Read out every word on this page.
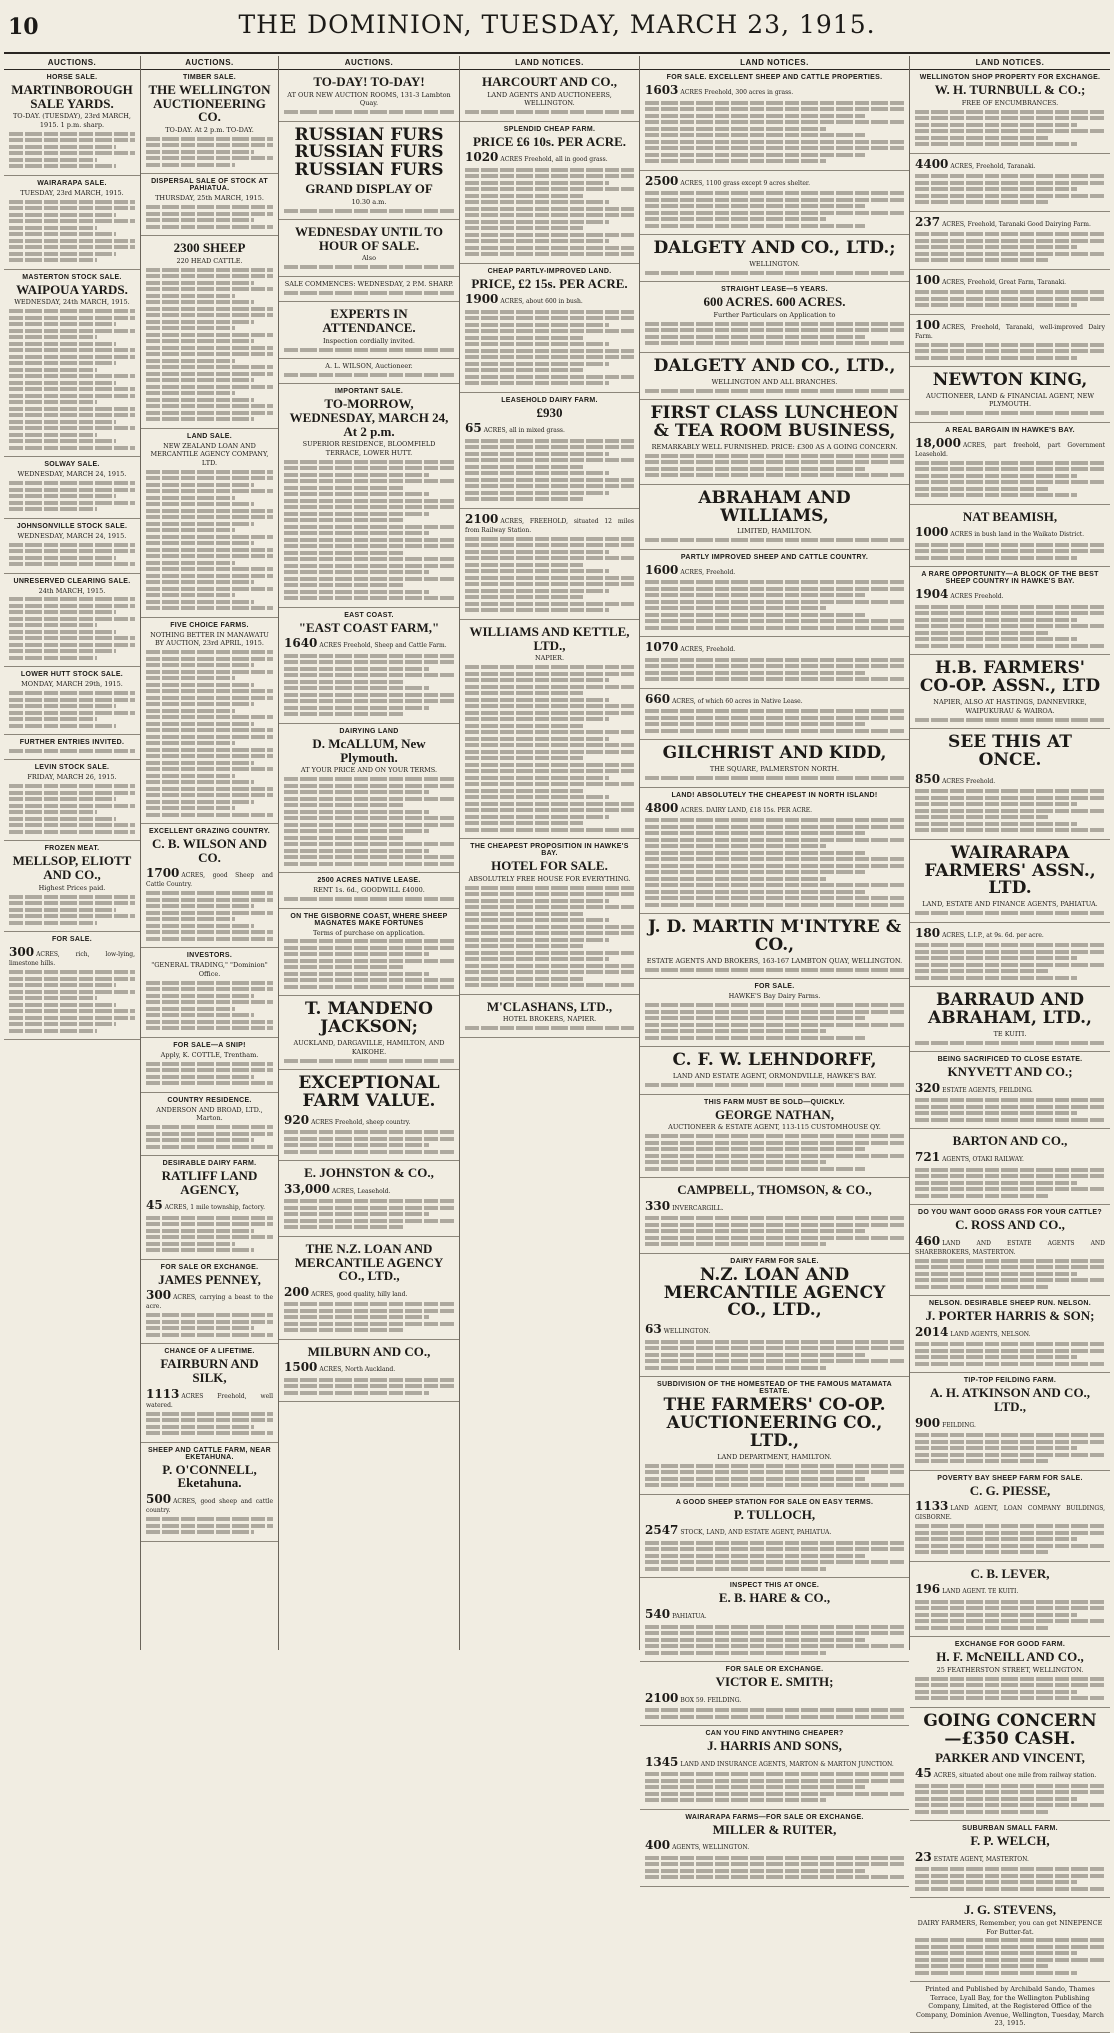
10	THE DOMINION, TUESDAY, MARCH 23, 1915.
AUCTIONS.
HORSE SALE.
MARTINBOROUGH SALE YARDS.
TO-DAY. (TUESDAY), 23rd MARCH, 1915. 1 p.m. sharp.
WAIRARAPA SALE.
TUESDAY, 23rd MARCH, 1915.
MASTERTON STOCK SALE.
WAIPOUA YARDS.
WEDNESDAY, 24th MARCH, 1915.
SOLWAY SALE.
WEDNESDAY, MARCH 24, 1915.
JOHNSONVILLE STOCK SALE.
WEDNESDAY, MARCH 24, 1915.
UNRESERVED CLEARING SALE.
24th MARCH, 1915.
LOWER HUTT STOCK SALE.
MONDAY, MARCH 29th, 1915.
FURTHER ENTRIES INVITED.
LEVIN STOCK SALE.
FRIDAY, MARCH 26, 1915.
FROZEN MEAT.
MELLSOP, ELIOTT AND CO.,
Highest Prices paid.
FOR SALE.
300 ACRES, rich, low-lying, limestone hills.
AUCTIONS.
TIMBER SALE.
THE WELLINGTON AUCTIONEERING CO.
TO-DAY. At 2 p.m. TO-DAY.
DISPERSAL SALE OF STOCK AT PAHIATUA.
THURSDAY, 25th MARCH, 1915.
2300 SHEEP
220 HEAD CATTLE.
LAND SALE.
NEW ZEALAND LOAN AND MERCANTILE AGENCY COMPANY, LTD.
FIVE CHOICE FARMS.
NOTHING BETTER IN MANAWATU BY AUCTION, 23rd APRIL, 1915.
EXCELLENT GRAZING COUNTRY.
C. B. WILSON AND CO.
1700 ACRES, good Sheep and Cattle Country.
INVESTORS.
"GENERAL TRADING," "Dominion" Office.
FOR SALE—A SNIP!
Apply, K. COTTLE, Trentham.
COUNTRY RESIDENCE.
ANDERSON AND BROAD, LTD., Marton.
DESIRABLE DAIRY FARM.
RATLIFF LAND AGENCY,
45 ACRES, 1 mile township, factory.
FOR SALE OR EXCHANGE.
JAMES PENNEY,
300 ACRES, carrying a beast to the acre.
CHANCE OF A LIFETIME.
FAIRBURN AND SILK,
1113 ACRES Freehold, well watered.
SHEEP AND CATTLE FARM, NEAR EKETAHUNA.
P. O'CONNELL, Eketahuna.
500 ACRES, good sheep and cattle country.
AUCTIONS.
TO-DAY! TO-DAY!
AT OUR NEW AUCTION ROOMS, 131-3 Lambton Quay.
RUSSIAN FURS RUSSIAN FURS RUSSIAN FURS
GRAND DISPLAY OF
10.30 a.m.
WEDNESDAY UNTIL TO HOUR OF SALE.
Also
SALE COMMENCES: WEDNESDAY, 2 P.M. SHARP.
EXPERTS IN ATTENDANCE.
Inspection cordially invited.
A. L. WILSON, Auctioneer.
IMPORTANT SALE.
TO-MORROW, WEDNESDAY, MARCH 24, At 2 p.m.
SUPERIOR RESIDENCE, BLOOMFIELD TERRACE, LOWER HUTT.
EAST COAST.
"EAST COAST FARM,"
1640 ACRES Freehold, Sheep and Cattle Farm.
DAIRYING LAND
D. McALLUM, New Plymouth.
AT YOUR PRICE AND ON YOUR TERMS.
2500 ACRES NATIVE LEASE.
RENT 1s. 6d., GOODWILL £4000.
ON THE GISBORNE COAST, WHERE SHEEP MAGNATES MAKE FORTUNES
Terms of purchase on application.
T. MANDENO JACKSON;
AUCKLAND, DARGAVILLE, HAMILTON, AND KAIKOHE.
EXCEPTIONAL FARM VALUE.
920 ACRES Freehold, sheep country.
E. JOHNSTON & CO.,
33,000 ACRES, Leasehold.
THE N.Z. LOAN AND MERCANTILE AGENCY CO., LTD.,
200 ACRES, good quality, hilly land.
MILBURN AND CO.,
1500 ACRES, North Auckland.
LAND NOTICES.
HARCOURT AND CO.,
LAND AGENTS AND AUCTIONEERS, WELLINGTON.
SPLENDID CHEAP FARM.
PRICE £6 10s. PER ACRE.
1020 ACRES Freehold, all in good grass.
CHEAP PARTLY-IMPROVED LAND.
PRICE, £2 15s. PER ACRE.
1900 ACRES, about 600 in bush.
LEASEHOLD DAIRY FARM.
£930
65 ACRES, all in mixed grass.
2100 ACRES, FREEHOLD, situated 12 miles from Railway Station.
WILLIAMS AND KETTLE, LTD.,
NAPIER.
THE CHEAPEST PROPOSITION IN HAWKE'S BAY.
HOTEL FOR SALE.
ABSOLUTELY FREE HOUSE FOR EVERYTHING.
M'CLASHANS, LTD.,
HOTEL BROKERS, NAPIER.
LAND NOTICES.
FOR SALE. EXCELLENT SHEEP AND CATTLE PROPERTIES.
1603 ACRES Freehold, 300 acres in grass.
2500 ACRES, 1100 grass except 9 acres shelter.
DALGETY AND CO., LTD.;
WELLINGTON.
STRAIGHT LEASE—5 YEARS.
600 ACRES. 600 ACRES.
Further Particulars on Application to
DALGETY AND CO., LTD.,
WELLINGTON AND ALL BRANCHES.
FIRST CLASS LUNCHEON & TEA ROOM BUSINESS,
REMARKABLY WELL FURNISHED. PRICE: £300 AS A GOING CONCERN.
ABRAHAM AND WILLIAMS,
LIMITED, HAMILTON.
PARTLY IMPROVED SHEEP AND CATTLE COUNTRY.
1600 ACRES, Freehold.
1070 ACRES, Freehold.
660 ACRES, of which 60 acres in Native Lease.
GILCHRIST AND KIDD,
THE SQUARE, PALMERSTON NORTH.
LAND! ABSOLUTELY THE CHEAPEST IN NORTH ISLAND!
4800 ACRES. DAIRY LAND, £18 15s. PER ACRE.
J. D. MARTIN M'INTYRE & CO.,
ESTATE AGENTS AND BROKERS, 163-167 LAMBTON QUAY, WELLINGTON.
FOR SALE.
HAWKE'S Bay Dairy Farms.
C. F. W. LEHNDORFF,
LAND AND ESTATE AGENT, ORMONDVILLE, HAWKE'S BAY.
THIS FARM MUST BE SOLD—QUICKLY.
GEORGE NATHAN,
AUCTIONEER & ESTATE AGENT, 113-115 CUSTOMHOUSE QY.
CAMPBELL, THOMSON, & CO.,
330 INVERCARGILL.
DAIRY FARM FOR SALE.
N.Z. LOAN AND MERCANTILE AGENCY CO., LTD.,
63 WELLINGTON.
SUBDIVISION OF THE HOMESTEAD OF THE FAMOUS MATAMATA ESTATE.
THE FARMERS' CO-OP. AUCTIONEERING CO., LTD.,
LAND DEPARTMENT, HAMILTON.
A GOOD SHEEP STATION FOR SALE ON EASY TERMS.
P. TULLOCH,
2547 STOCK, LAND, AND ESTATE AGENT, PAHIATUA.
INSPECT THIS AT ONCE.
E. B. HARE & CO.,
540 PAHIATUA.
FOR SALE OR EXCHANGE.
VICTOR E. SMITH;
2100 BOX 59. FEILDING.
CAN YOU FIND ANYTHING CHEAPER?
J. HARRIS AND SONS,
1345 LAND AND INSURANCE AGENTS, MARTON & MARTON JUNCTION.
WAIRARAPA FARMS—FOR SALE OR EXCHANGE.
MILLER & RUITER,
400 AGENTS, WELLINGTON.
LAND NOTICES.
WELLINGTON SHOP PROPERTY FOR EXCHANGE.
W. H. TURNBULL & CO.;
FREE OF ENCUMBRANCES.
4400 ACRES, Freehold, Taranaki.
237 ACRES, Freehold, Taranaki Good Dairying Farm.
100 ACRES, Freehold, Great Farm, Taranaki.
100 ACRES, Freehold, Taranaki, well-improved Dairy Farm.
NEWTON KING,
AUCTIONEER, LAND & FINANCIAL AGENT, NEW PLYMOUTH.
A REAL BARGAIN IN HAWKE'S BAY.
18,000 ACRES, part freehold, part Government Leasehold.
NAT BEAMISH,
1000 ACRES in bush land in the Waikato District.
A RARE OPPORTUNITY—A BLOCK OF THE BEST SHEEP COUNTRY IN HAWKE'S BAY.
1904 ACRES Freehold.
H.B. FARMERS' CO-OP. ASSN., LTD
NAPIER, ALSO AT HASTINGS, DANNEVIRKE, WAIPUKURAU & WAIROA.
SEE THIS AT ONCE.
850 ACRES Freehold.
WAIRARAPA FARMERS' ASSN., LTD.
LAND, ESTATE AND FINANCE AGENTS, PAHIATUA.
180 ACRES, L.I.P., at 9s. 6d. per acre.
BARRAUD AND ABRAHAM, LTD.,
TE KUITI.
BEING SACRIFICED TO CLOSE ESTATE.
KNYVETT AND CO.;
320 ESTATE AGENTS, FEILDING.
BARTON AND CO.,
721 AGENTS, OTAKI RAILWAY.
DO YOU WANT GOOD GRASS FOR YOUR CATTLE?
C. ROSS AND CO.,
460 LAND AND ESTATE AGENTS AND SHAREBROKERS, MASTERTON.
NELSON. DESIRABLE SHEEP RUN. NELSON.
J. PORTER HARRIS & SON;
2014 LAND AGENTS, NELSON.
TIP-TOP FEILDING FARM.
A. H. ATKINSON AND CO., LTD.,
900 FEILDING.
POVERTY BAY SHEEP FARM FOR SALE.
C. G. PIESSE,
1133 LAND AGENT, LOAN COMPANY BUILDINGS, GISBORNE.
C. B. LEVER,
196 LAND AGENT. TE KUITI.
EXCHANGE FOR GOOD FARM.
H. F. McNEILL AND CO.,
25 FEATHERSTON STREET, WELLINGTON.
GOING CONCERN—£350 CASH.
PARKER AND VINCENT,
45 ACRES, situated about one mile from railway station.
SUBURBAN SMALL FARM.
F. P. WELCH,
23 ESTATE AGENT, MASTERTON.
J. G. STEVENS,
DAIRY FARMERS, Remember, you can get NINEPENCE For Butter-fat.
Printed and Published by Archibald Sando, Thames Terrace, Lyall Bay, for the Wellington Publishing Company, Limited, at the Registered Office of the Company, Dominion Avenue, Wellington, Tuesday, March 23, 1915.
